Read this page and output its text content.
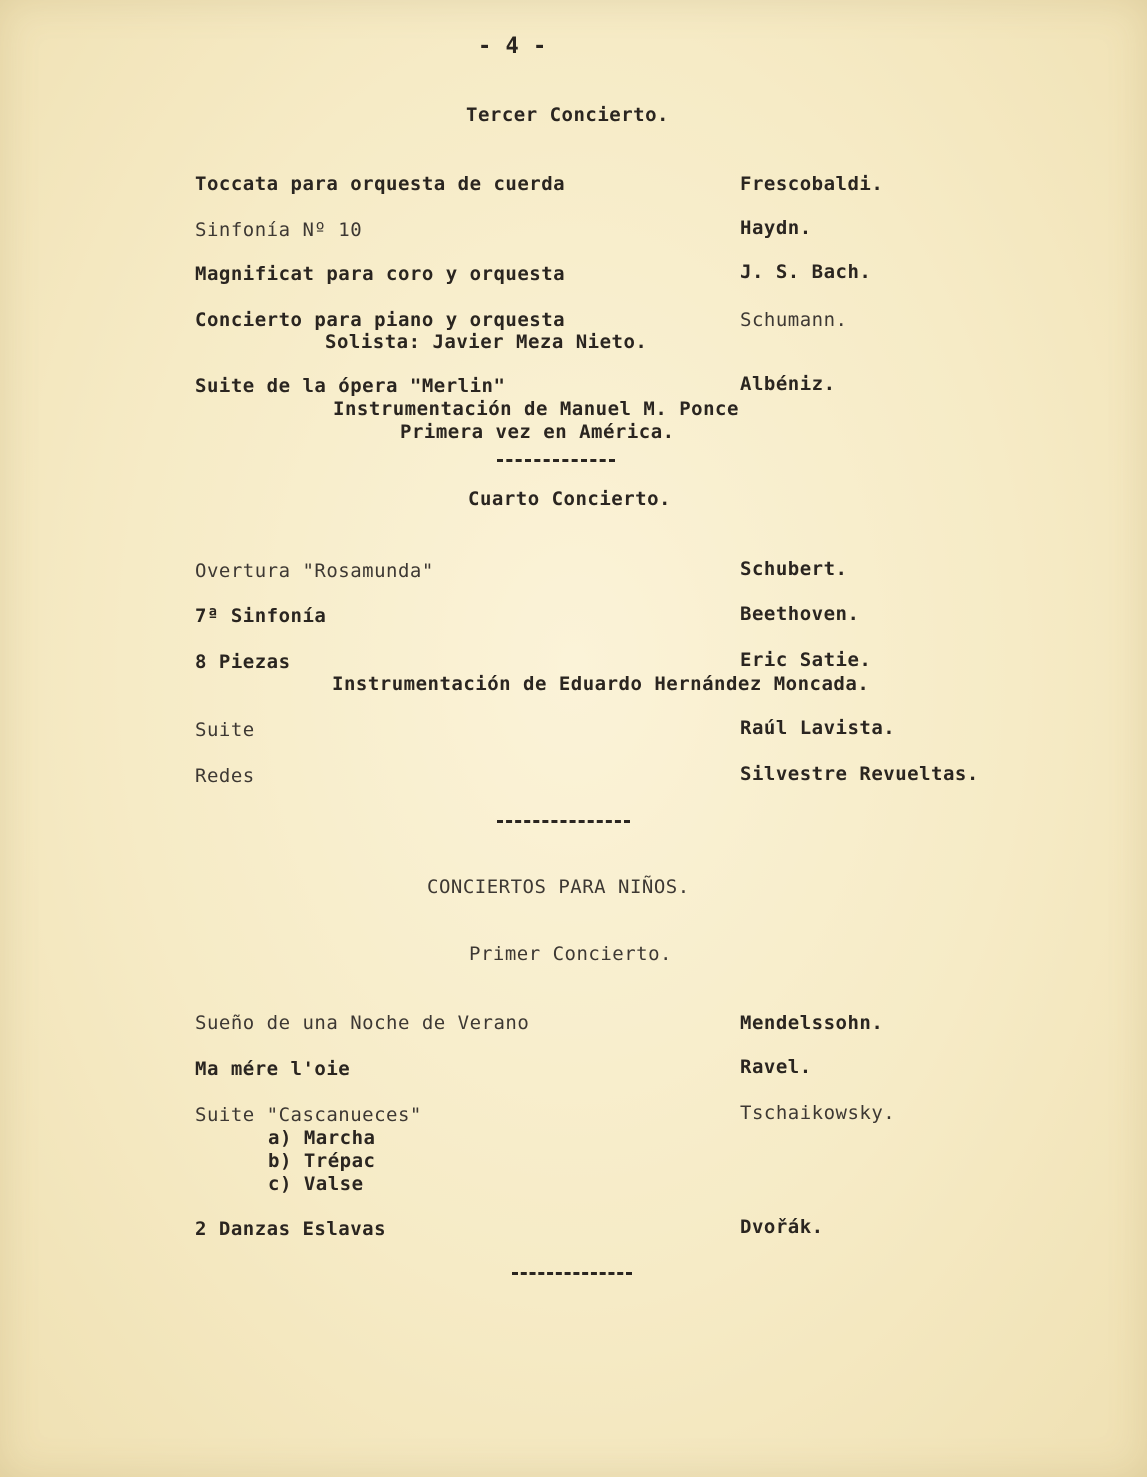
- 4 -
Tercer Concierto.
Toccata para orquesta de cuerda	Frescobaldi.
Sinfonía Nº 10	Haydn.
Magnificat para coro y orquesta	J. S. Bach.
Concierto para piano y orquesta	Schumann.
Solista: Javier Meza Nieto.
Suite de la ópera "Merlin"	Albéniz.
Instrumentación de Manuel M. Ponce
Primera vez en América.
Cuarto Concierto.
Overtura "Rosamunda"	Schubert.
7ª Sinfonía	Beethoven.
8 Piezas	Eric Satie.
Instrumentación de Eduardo Hernández Moncada.
Suite	Raúl Lavista.
Redes	Silvestre Revueltas.
CONCIERTOS PARA NIÑOS.
Primer Concierto.
Sueño de una Noche de Verano	Mendelssohn.
Ma mére l'oie	Ravel.
Suite "Cascanueces"	Tschaikowsky.
a) Marcha
b) Trépac
c) Valse
2 Danzas Eslavas	Dvořák.
